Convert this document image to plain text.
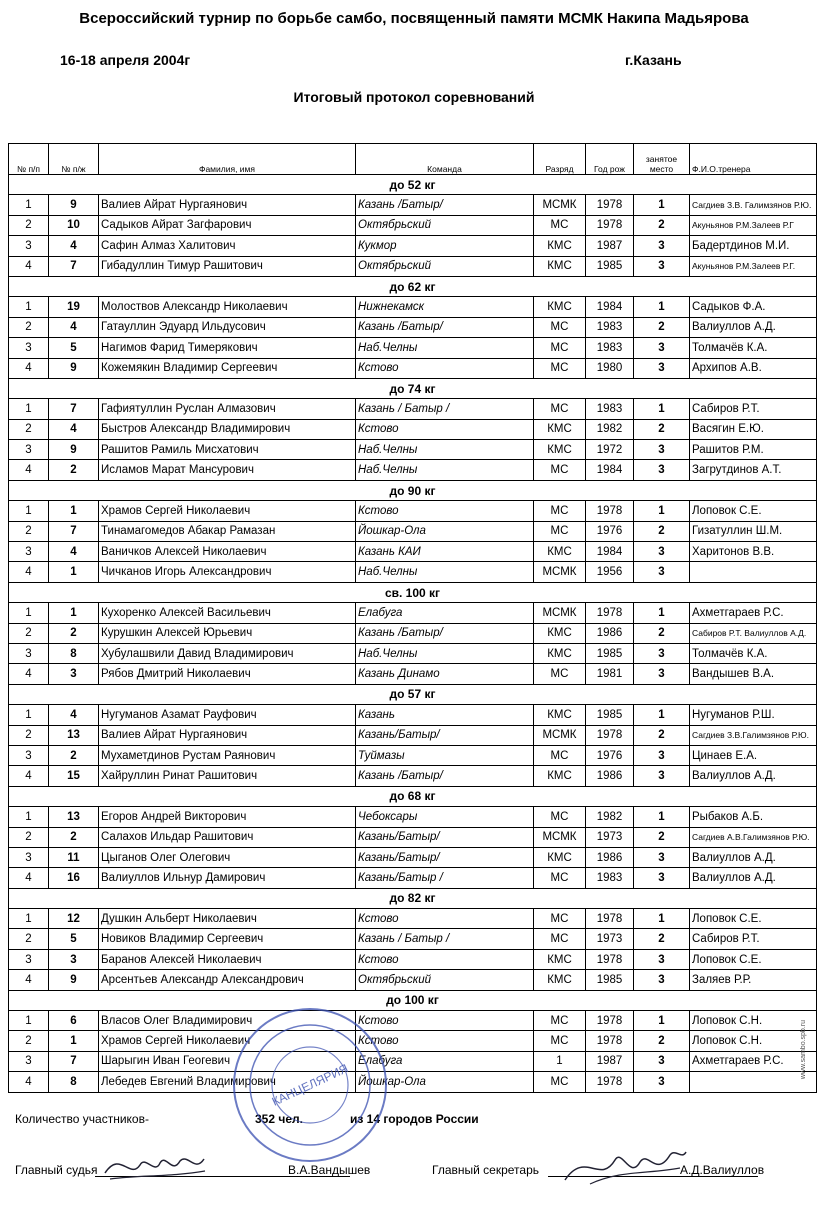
Всероссийский турнир по борьбе самбо, посвященный памяти МСМК Накипа Мадьярова
16-18 апреля 2004г	г.Казань
Итоговый протокол соревнований
№ п/п	№ п/ж	Фамилия, имя	Команда	Разряд	Год рож	занятое место	Ф.И.О.тренера
до 52 кг							
1	9	Валиев Айрат Нургаянович	Казань /Батыр/	МСМК	1978	1	Сагдиев З.В. Галимзянов Р.Ю.
2	10	Садыков Айрат Загфарович	Октябрьский	МС	1978	2	Акуньянов Р.М.Залеев Р.Г
3	4	Сафин Алмаз Халитович	Кукмор	КМС	1987	3	Бадертдинов М.И.
4	7	Гибадуллин Тимур Рашитович	Октябрьский	КМС	1985	3	Акуньянов Р.М.Залеев Р.Г.
до 62 кг							
1	19	Молоствов Александр Николаевич	Нижнекамск	КМС	1984	1	Садыков Ф.А.
2	4	Гатауллин Эдуард Ильдусович	Казань /Батыр/	МС	1983	2	Валиуллов А.Д.
3	5	Нагимов Фарид Тимерякович	Наб.Челны	МС	1983	3	Толмачёв К.А.
4	9	Кожемякин Владимир Сергеевич	Кстово	МС	1980	3	Архипов А.В.
до 74 кг							
1	7	Гафиятуллин Руслан Алмазович	Казань / Батыр /	МС	1983	1	Сабиров Р.Т.
2	4	Быстров Александр Владимирович	Кстово	КМС	1982	2	Васягин Е.Ю.
3	9	Рашитов Рамиль Мисхатович	Наб.Челны	КМС	1972	3	Рашитов Р.М.
4	2	Исламов Марат Мансурович	Наб.Челны	МС	1984	3	Загрутдинов А.Т.
до 90 кг							
1	1	Храмов Сергей Николаевич	Кстово	МС	1978	1	Лоповок С.Е.
2	7	Тинамагомедов Абакар Рамазан	Йошкар-Ола	МС	1976	2	Гизатуллин Ш.М.
3	4	Ваничков Алексей Николаевич	Казань КАИ	КМС	1984	3	Харитонов В.В.
4	1	Чичканов Игорь Александрович	Наб.Челны	МСМК	1956	3	
св. 100 кг							
1	1	Кухоренко Алексей Васильевич	Елабуга	МСМК	1978	1	Ахметгараев Р.С.
2	2	Курушкин Алексей Юрьевич	Казань /Батыр/	КМС	1986	2	Сабиров Р.Т. Валиуллов А.Д.
3	8	Хубулашвили Давид Владимирович	Наб.Челны	КМС	1985	3	Толмачёв К.А.
4	3	Рябов Дмитрий Николаевич	Казань Динамо	МС	1981	3	Вандышев В.А.
до 57 кг							
1	4	Нугуманов Азамат Рауфович	Казань	КМС	1985	1	Нугуманов Р.Ш.
2	13	Валиев Айрат Нургаянович	Казань/Батыр/	МСМК	1978	2	Сагдиев З.В.Галимзянов Р.Ю.
3	2	Мухаметдинов Рустам Раянович	Туймазы	МС	1976	3	Цинаев Е.А.
4	15	Хайруллин Ринат Рашитович	Казань /Батыр/	КМС	1986	3	Валиуллов А.Д.
до 68 кг							
1	13	Егоров Андрей Викторович	Чебоксары	МС	1982	1	Рыбаков А.Б.
2	2	Салахов Ильдар Рашитович	Казань/Батыр/	МСМК	1973	2	Сагдиев А.В.Галимзянов Р.Ю.
3	11	Цыганов Олег Олегович	Казань/Батыр/	КМС	1986	3	Валиуллов А.Д.
4	16	Валиуллов Ильнур Дамирович	Казань/Батыр /	МС	1983	3	Валиуллов А.Д.
до 82 кг							
1	12	Душкин Альберт Николаевич	Кстово	МС	1978	1	Лоповок С.Е.
2	5	Новиков Владимир Сергеевич	Казань / Батыр /	МС	1973	2	Сабиров Р.Т.
3	3	Баранов Алексей Николаевич	Кстово	КМС	1978	3	Лоповок С.Е.
4	9	Арсентьев Александр Александрович	Октябрьский	КМС	1985	3	Заляев Р.Р.
до 100 кг							
1	6	Власов Олег Владимирович	Кстово	МС	1978	1	Лоповок С.Н.
2	1	Храмов Сергей Николаевич	Кстово	МС	1978	2	Лоповок С.Н.
3	7	Шарыгин Иван Геогевич	Елабуга	1	1987	3	Ахметгараев Р.С.
4	8	Лебедев Евгений Владимирович	Йошкар-Ола	МС	1978	3	
Количество участников-	352 чел.	из 14 городов России
Главный судья	В.А.Вандышев	Главный секретарь	А.Д.Валиуллов
КАНЦЕЛЯРИЯ
www.sambo.spb.ru
